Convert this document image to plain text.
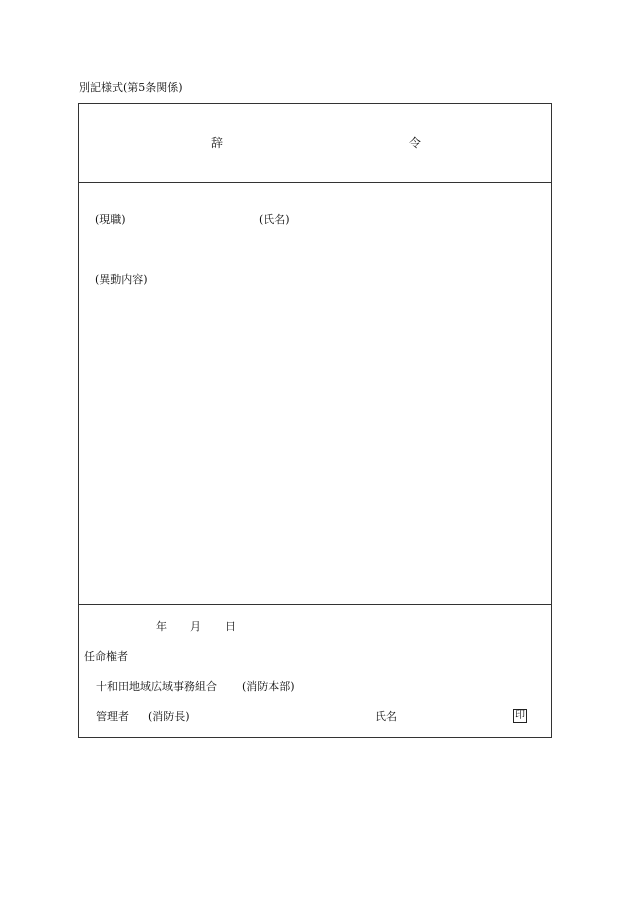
別記様式(第5条関係)
辞	令
(現職)	(氏名)
(異動内容)
年 月 日
任命権者
十和田地域広域事務組合 (消防本部)
管理者 (消防長)	氏名	印
